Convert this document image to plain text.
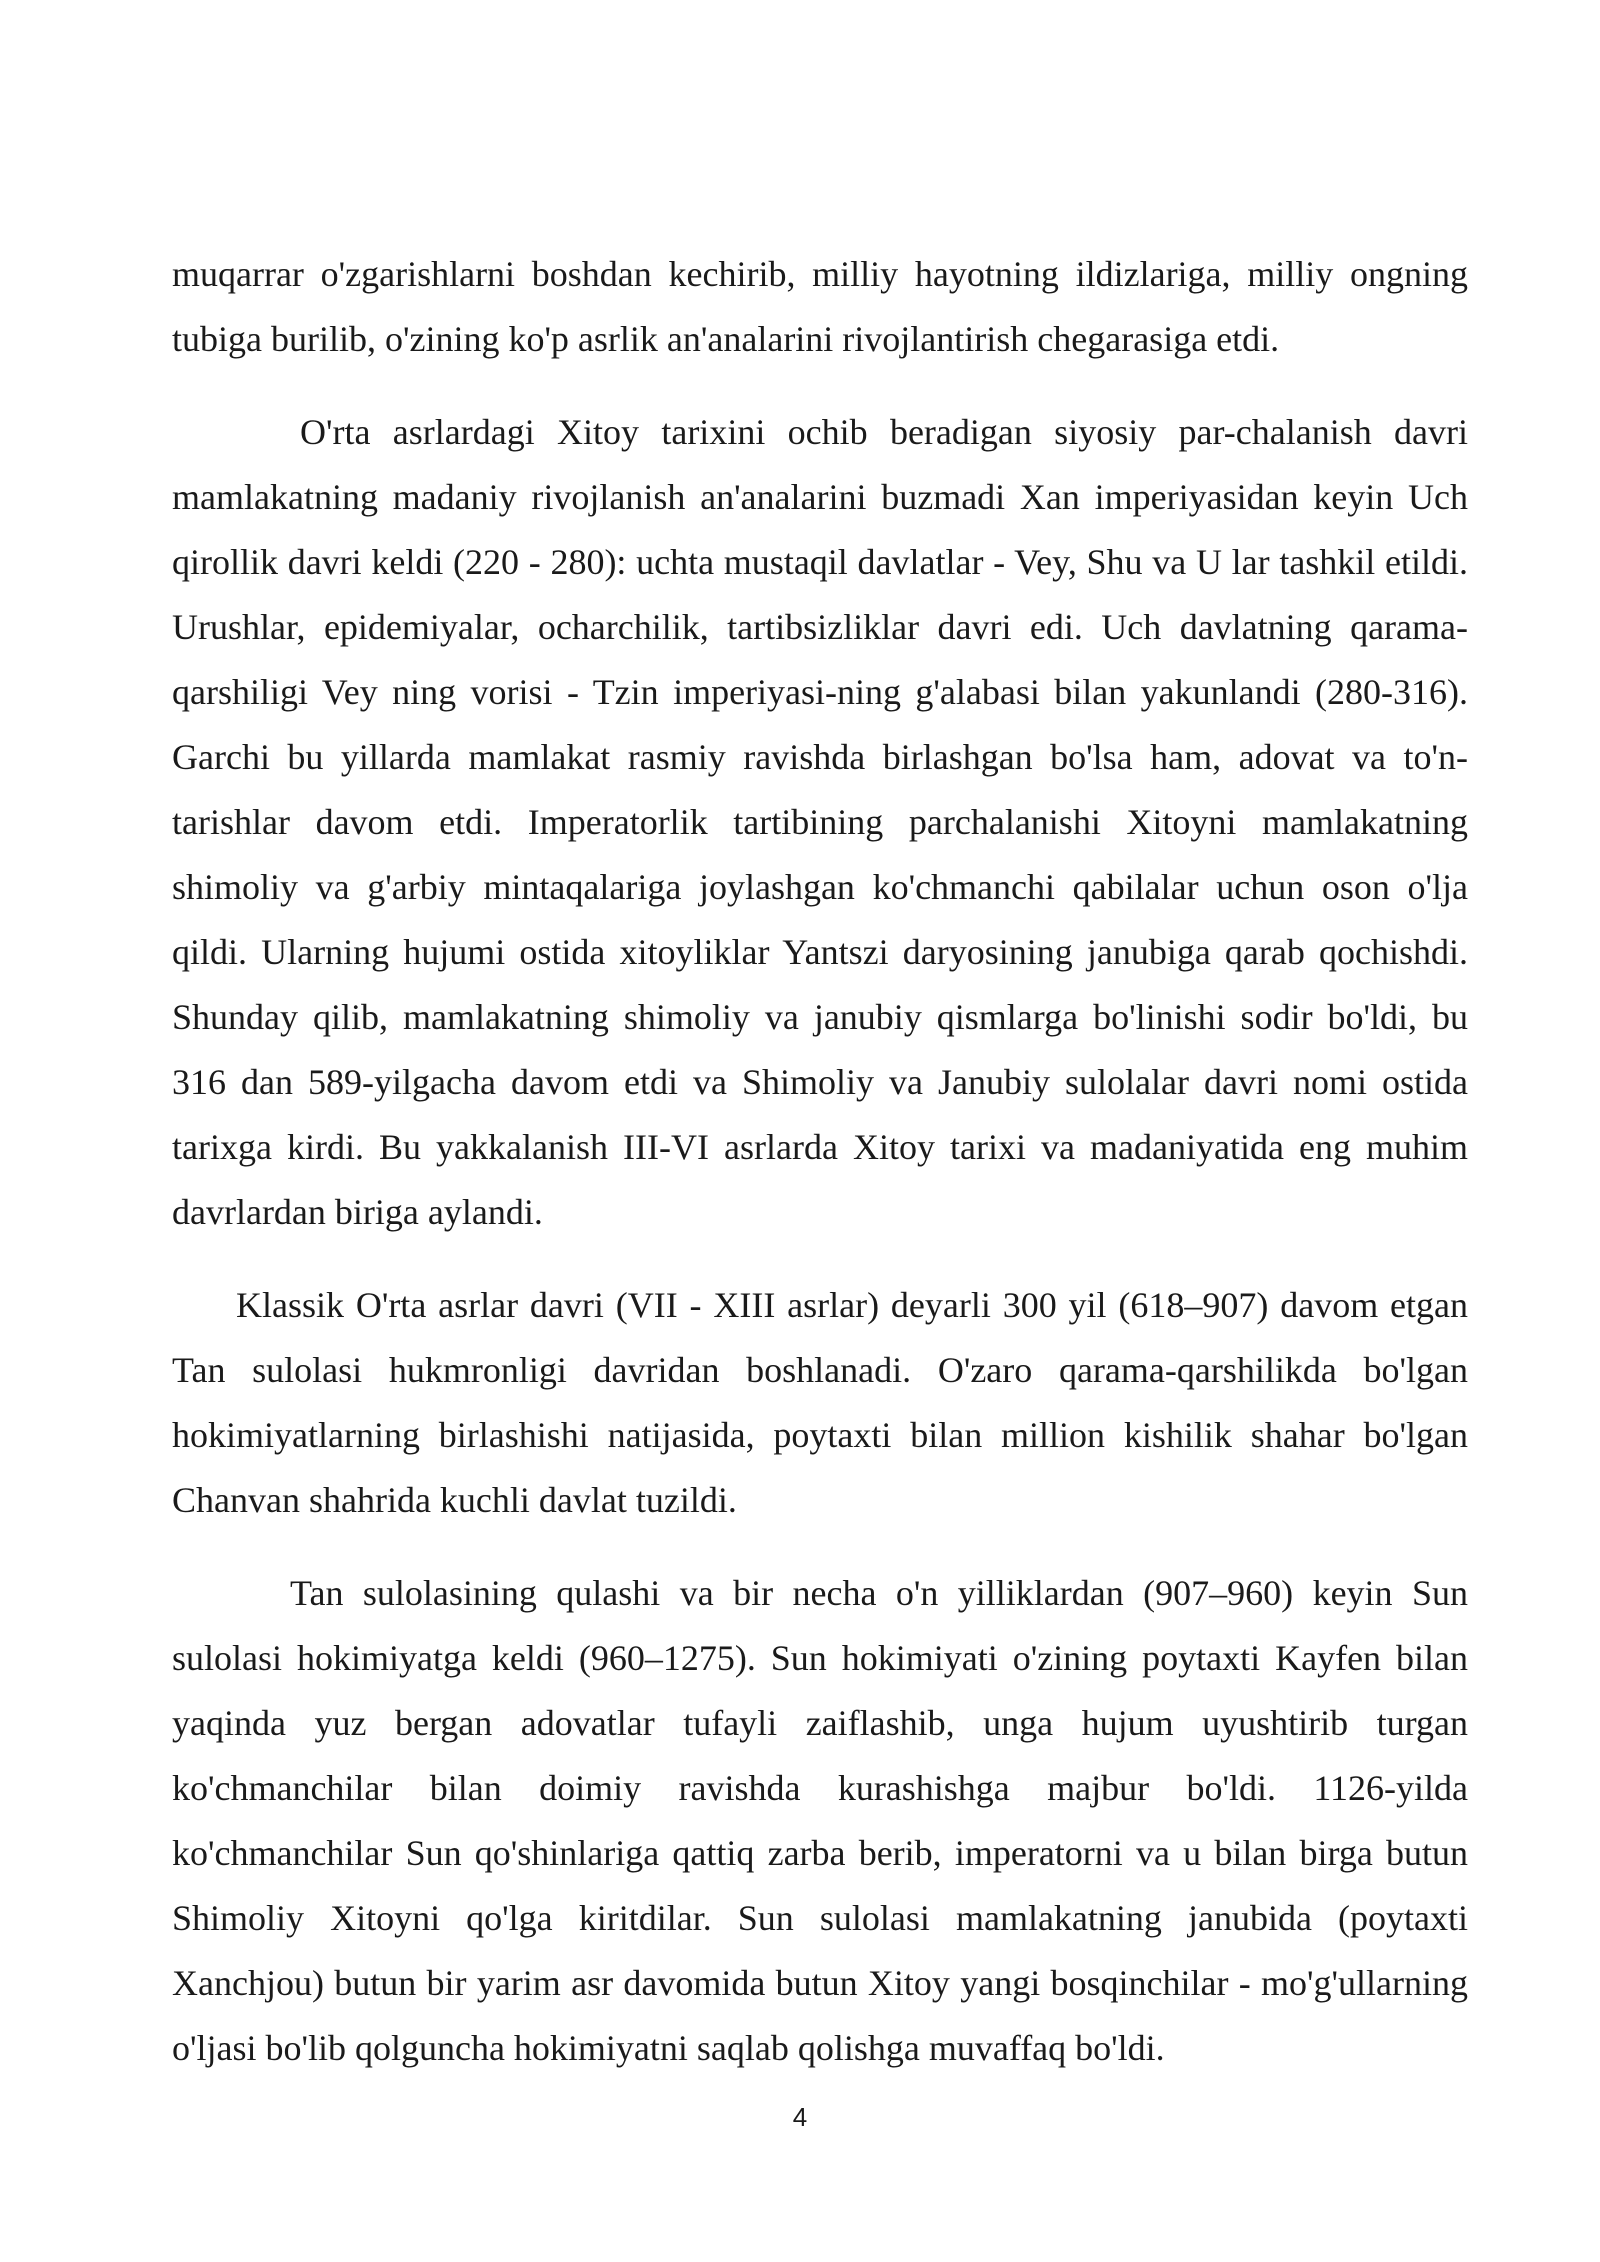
muqarrar o'zgarishlarni boshdan kechirib, milliy hayotning ildizlariga, milliy ongning tubiga burilib, o'zining ko'p asrlik an'analarini rivojlantirish chegarasiga etdi.

O'rta asrlardagi Xitoy tarixini ochib beradigan siyosiy par-chalanish davri mamlakatning madaniy rivojlanish an'analarini buzmadi Xan imperiyasidan keyin Uch qirollik davri keldi (220 - 280): uchta mustaqil davlatlar - Vey, Shu va U lar tashkil etildi. Urushlar, epidemiyalar, ocharchilik, tartibsizliklar davri edi. Uch davlatning qarama-qarshiligi Vey ning vorisi - Tzin imperiyasi-ning g'alabasi bilan yakunlandi (280-316). Garchi bu yillarda mamlakat rasmiy ravishda birlashgan bo'lsa ham, adovat va to'n-tarishlar davom etdi. Imperatorlik tartibining parchalanishi Xitoyni mamlakatning shimoliy va g'arbiy mintaqalariga joylashgan ko'chmanchi qabilalar uchun oson o'lja qildi. Ularning hujumi ostida xitoyliklar Yantszi daryosining janubiga qarab qochishdi. Shunday qilib, mamlakatning shimoliy va janubiy qismlarga bo'linishi sodir bo'ldi, bu 316 dan 589-yilgacha davom etdi va Shimoliy va Janubiy sulolalar davri nomi ostida tarixga kirdi. Bu yakkalanish III-VI asrlarda Xitoy tarixi va madaniyatida eng muhim davrlardan biriga aylandi.

Klassik O'rta asrlar davri (VII - XIII asrlar) deyarli 300 yil (618–907) davom etgan Tan sulolasi hukmronligi davridan boshlanadi. O'zaro qarama-qarshilikda bo'lgan hokimiyatlarning birlashishi natijasida, poytaxti bilan million kishilik shahar bo'lgan Chanvan shahrida kuchli davlat tuzildi.

Tan sulolasining qulashi va bir necha o'n yilliklardan (907–960) keyin Sun sulolasi hokimiyatga keldi (960–1275). Sun hokimiyati o'zining poytaxti Kayfen bilan yaqinda yuz bergan adovatlar tufayli zaiflashib, unga hujum uyushtirib turgan ko'chmanchilar bilan doimiy ravishda kurashishga majbur bo'ldi. 1126-yilda ko'chmanchilar Sun qo'shinlariga qattiq zarba berib, imperatorni va u bilan birga butun Shimoliy Xitoyni qo'lga kiritdilar. Sun sulolasi mamlakatning janubida (poytaxti Xanchjou) butun bir yarim asr davomida butun Xitoy yangi bosqinchilar - mo'g'ullarning o'ljasi bo'lib qolguncha hokimiyatni saqlab qolishga muvaffaq bo'ldi.

4
